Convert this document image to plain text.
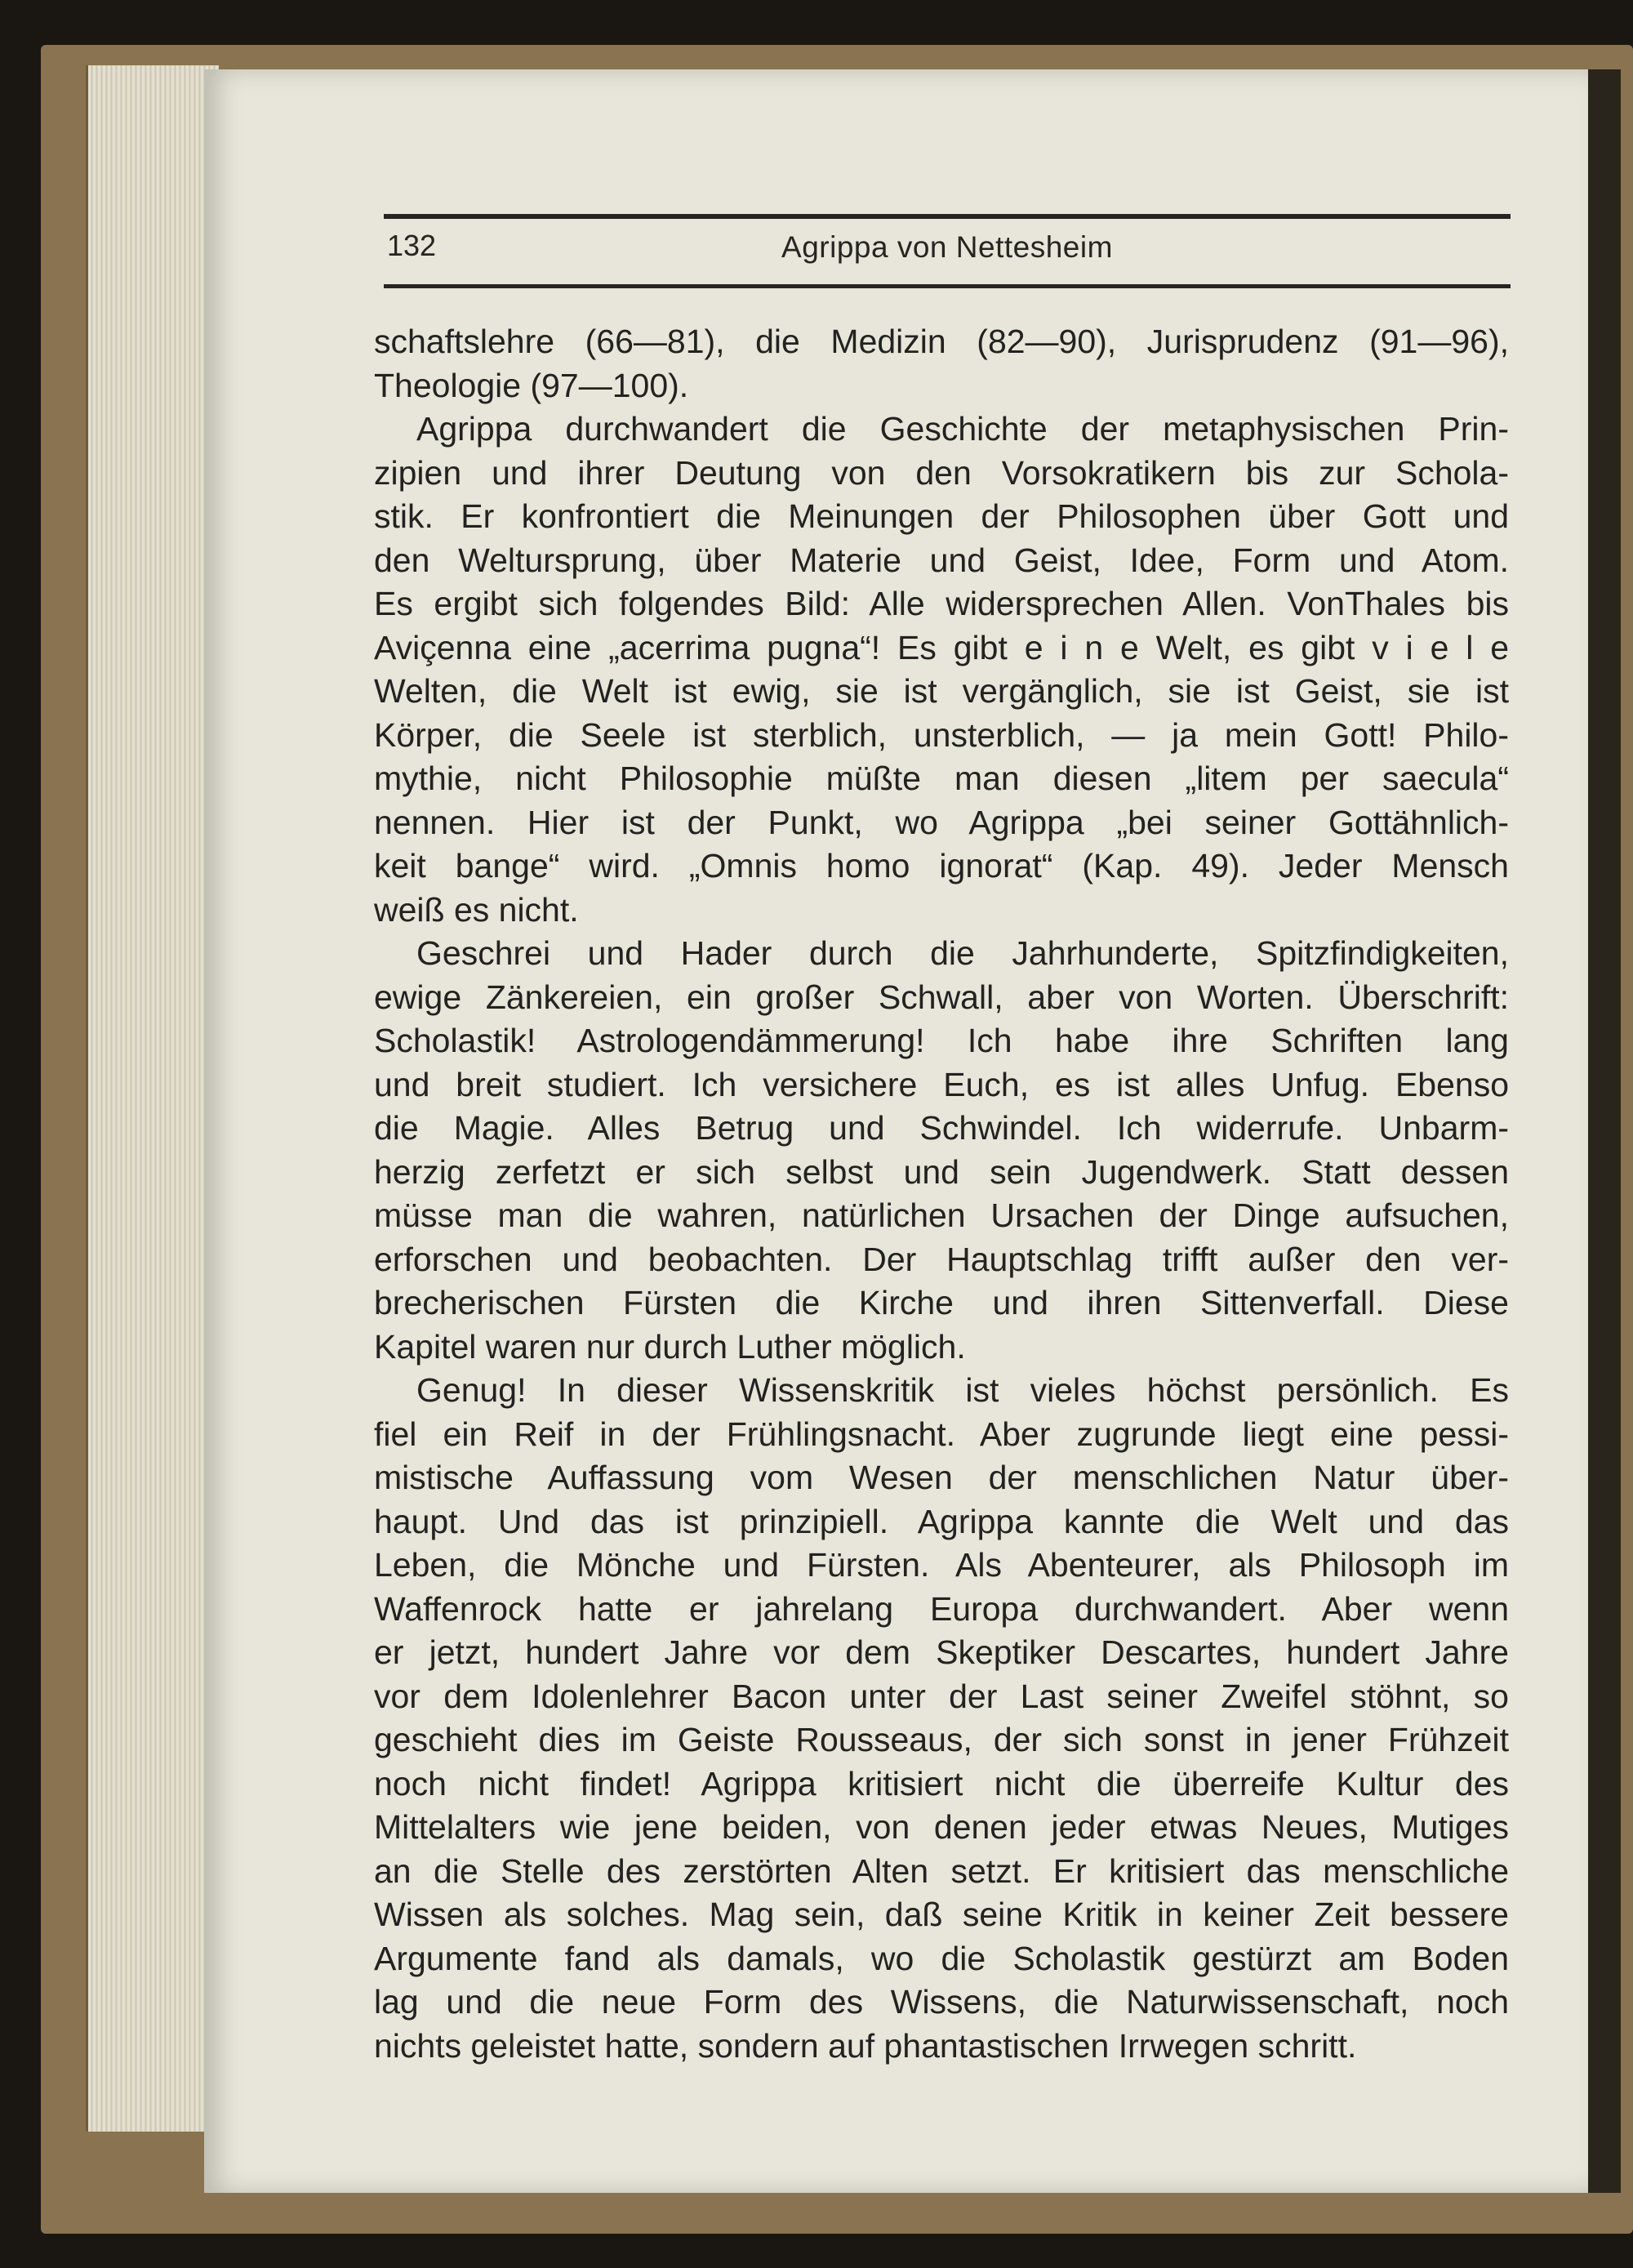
132	Agrippa von Nettesheim
schaftslehre (66—81), die Medizin (82—90), Jurisprudenz (91—96),
Theologie (97—100).
Agrippa durchwandert die Geschichte der metaphysischen Prin-
zipien und ihrer Deutung von den Vorsokratikern bis zur Schola-
stik. Er konfrontiert die Meinungen der Philosophen über Gott und
den Weltursprung, über Materie und Geist, Idee, Form und Atom.
Es ergibt sich folgendes Bild: Alle widersprechen Allen. VonThales bis
Aviçenna eine „acerrima pugna“! Es gibt e i n e Welt, es gibt v i e l e
Welten, die Welt ist ewig, sie ist vergänglich, sie ist Geist, sie ist
Körper, die Seele ist sterblich, unsterblich, — ja mein Gott! Philo-
mythie, nicht Philosophie müßte man diesen „litem per saecula“
nennen. Hier ist der Punkt, wo Agrippa „bei seiner Gottähnlich-
keit bange“ wird. „Omnis homo ignorat“ (Kap. 49). Jeder Mensch
weiß es nicht.
Geschrei und Hader durch die Jahrhunderte, Spitzfindigkeiten,
ewige Zänkereien, ein großer Schwall, aber von Worten. Überschrift:
Scholastik! Astrologendämmerung! Ich habe ihre Schriften lang
und breit studiert. Ich versichere Euch, es ist alles Unfug. Ebenso
die Magie. Alles Betrug und Schwindel. Ich widerrufe. Unbarm-
herzig zerfetzt er sich selbst und sein Jugendwerk. Statt dessen
müsse man die wahren, natürlichen Ursachen der Dinge aufsuchen,
erforschen und beobachten. Der Hauptschlag trifft außer den ver-
brecherischen Fürsten die Kirche und ihren Sittenverfall. Diese
Kapitel waren nur durch Luther möglich.
Genug! In dieser Wissenskritik ist vieles höchst persönlich. Es
fiel ein Reif in der Frühlingsnacht. Aber zugrunde liegt eine pessi-
mistische Auffassung vom Wesen der menschlichen Natur über-
haupt. Und das ist prinzipiell. Agrippa kannte die Welt und das
Leben, die Mönche und Fürsten. Als Abenteurer, als Philosoph im
Waffenrock hatte er jahrelang Europa durchwandert. Aber wenn
er jetzt, hundert Jahre vor dem Skeptiker Descartes, hundert Jahre
vor dem Idolenlehrer Bacon unter der Last seiner Zweifel stöhnt, so
geschieht dies im Geiste Rousseaus, der sich sonst in jener Frühzeit
noch nicht findet! Agrippa kritisiert nicht die überreife Kultur des
Mittelalters wie jene beiden, von denen jeder etwas Neues, Mutiges
an die Stelle des zerstörten Alten setzt. Er kritisiert das menschliche
Wissen als solches. Mag sein, daß seine Kritik in keiner Zeit bessere
Argumente fand als damals, wo die Scholastik gestürzt am Boden
lag und die neue Form des Wissens, die Naturwissenschaft, noch
nichts geleistet hatte, sondern auf phantastischen Irrwegen schritt.
